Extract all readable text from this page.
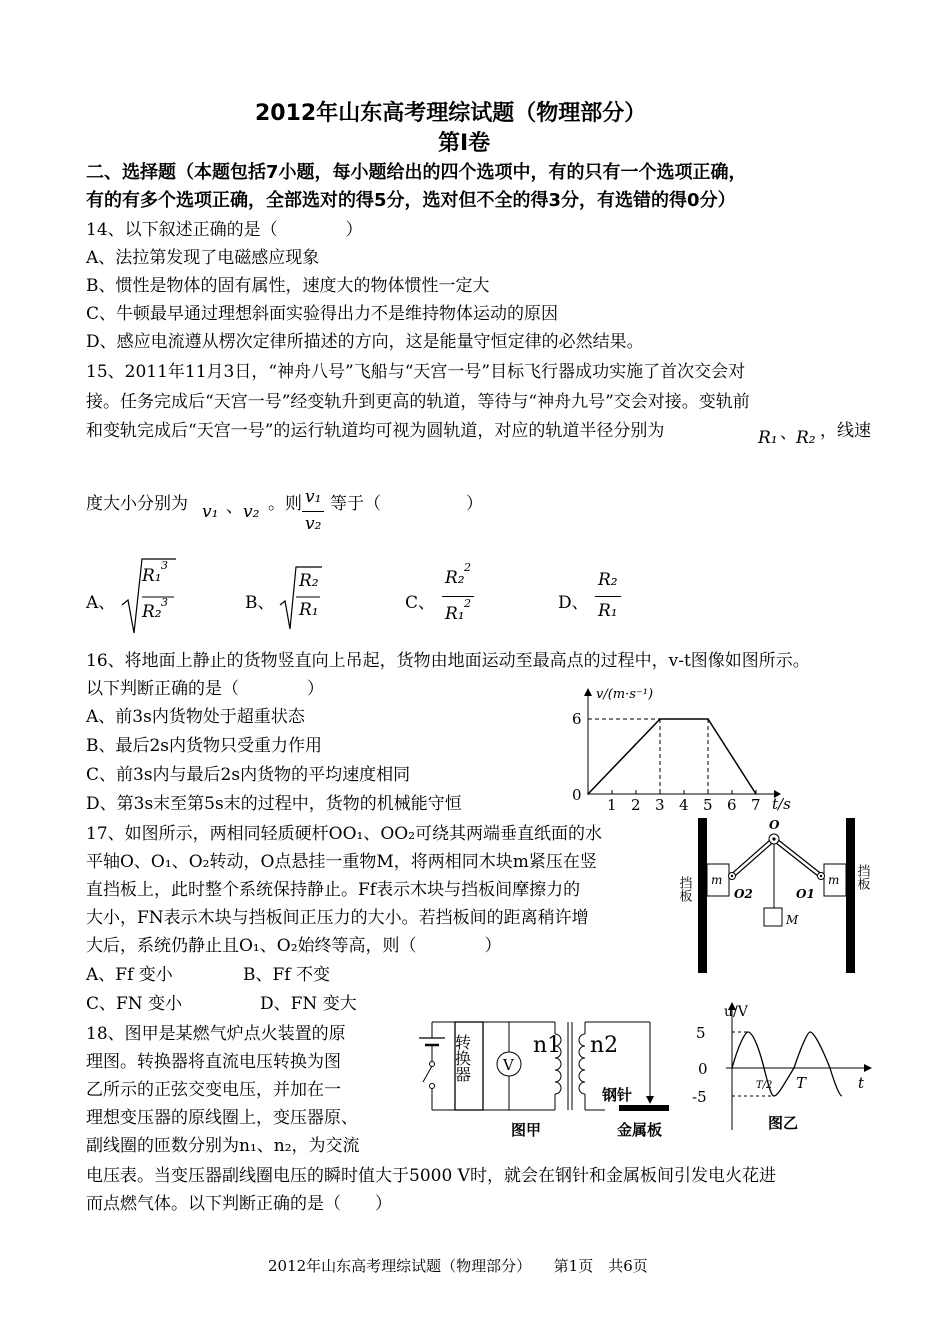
2012年山东高考理综试题（物理部分）
第Ⅰ卷
二、选择题（本题包括7小题，每小题给出的四个选项中，有的只有一个选项正确，
有的有多个选项正确，全部选对的得5分，选对但不全的得3分，有选错的得0分）
14、以下叙述正确的是（　　　　）
A、法拉第发现了电磁感应现象
B、惯性是物体的固有属性，速度大的物体惯性一定大
C、牛顿最早通过理想斜面实验得出力不是维持物体运动的原因
D、感应电流遵从楞次定律所描述的方向，这是能量守恒定律的必然结果。
15、2011年11月3日，“神舟八号”飞船与“天宫一号”目标飞行器成功实施了首次交会对
接。任务完成后“天宫一号”经变轨升到更高的轨道，等待与“神舟九号”交会对接。变轨前
和变轨完成后“天宫一号”的运行轨道均可视为圆轨道，对应的轨道半径分别为	R₁ 、 R₂ ，线速
度大小分别为 v₁ 、 v₂ 。则 v₁
v₂
等于（　　　　　）
A、
R₁
3
R₂ 3	B、
R₂
R₁	C、
R₂
2
R₁
2	D、
R₂
R₁
16、将地面上静止的货物竖直向上吊起，货物由地面运动至最高点的过程中，v-t图像如图所示。
以下判断正确的是（　　　　）
A、前3s内货物处于超重状态
B、最后2s内货物只受重力作用
C、前3s内与最后2s内货物的平均速度相同
D、第3s末至第5s末的过程中，货物的机械能守恒
v/(m·s⁻¹)
t/s
0
1 2 3 4 5 6 7
6
17、如图所示，两相同轻质硬杆OO₁、OO₂可绕其两端垂直纸面的水
平轴O、O₁、O₂转动，O点悬挂一重物M，将两相同木块m紧压在竖
直挡板上，此时整个系统保持静止。Ff表示木块与挡板间摩擦力的
大小，FN表示木块与挡板间正压力的大小。若挡板间的距离稍许增
大后，系统仍静止且O₁、O₂始终等高，则（　　　　）
A、Ff 变小	B、Ff 不变
C、FN 变小	D、FN 变大
挡板	挡板
m	m
O
O2	O1
M
18、图甲是某燃气炉点火装置的原
理图。转换器将直流电压转换为图
乙所示的正弦交变电压，并加在一
理想变压器的原线圈上，变压器原、
副线圈的匝数分别为n₁、n₂，为交流
电压表。当变压器副线圈电压的瞬时值大于5000 V时，就会在钢针和金属板间引发电火花进
而点燃气体。以下判断正确的是（　　）
转换器 V
n1 n2
钢针
金属板
图甲
u/V
5
0
-5
T/2 T	t
图乙
2012年山东高考理综试题（物理部分）　　第1页　共6页
